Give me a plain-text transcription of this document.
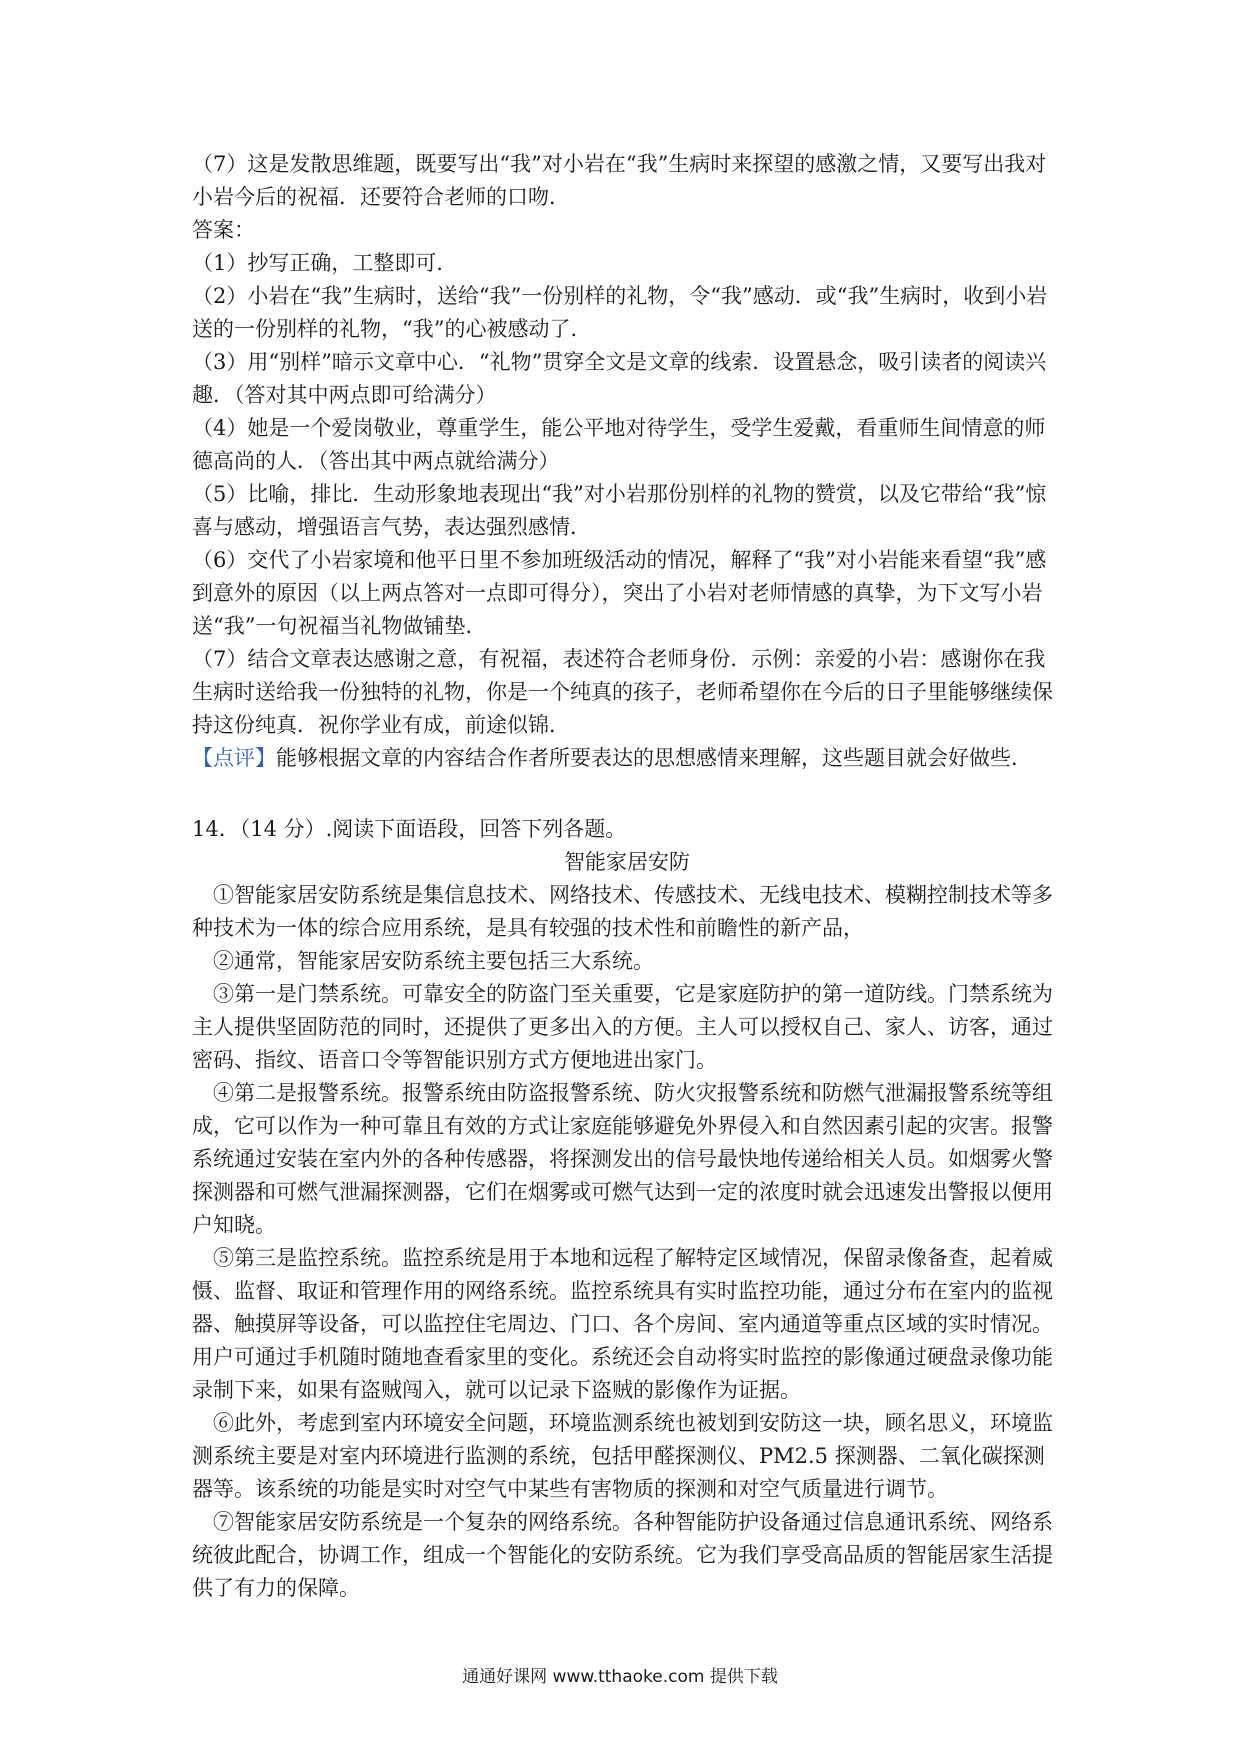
（7）这是发散思维题，既要写出“我”对小岩在“我”生病时来探望的感激之情，又要写出我对小岩今后的祝福．还要符合老师的口吻．

答案：

（1）抄写正确，工整即可．

（2）小岩在“我”生病时，送给“我”一份别样的礼物，令“我”感动．或“我”生病时，收到小岩送的一份别样的礼物，“我”的心被感动了．

（3）用“别样”暗示文章中心．“礼物”贯穿全文是文章的线索．设置悬念，吸引读者的阅读兴趣．（答对其中两点即可给满分）

（4）她是一个爱岗敬业，尊重学生，能公平地对待学生，受学生爱戴，看重师生间情意的师德高尚的人．（答出其中两点就给满分）

（5）比喻，排比．生动形象地表现出“我”对小岩那份别样的礼物的赞赏，以及它带给“我”惊喜与感动，增强语言气势，表达强烈感情．

（6）交代了小岩家境和他平日里不参加班级活动的情况，解释了“我”对小岩能来看望“我”感到意外的原因（以上两点答对一点即可得分），突出了小岩对老师情感的真挚，为下文写小岩送“我”一句祝福当礼物做铺垫．

（7）结合文章表达感谢之意，有祝福，表述符合老师身份．示例：亲爱的小岩：感谢你在我生病时送给我一份独特的礼物，你是一个纯真的孩子，老师希望你在今后的日子里能够继续保持这份纯真．祝你学业有成，前途似锦．

【点评】能够根据文章的内容结合作者所要表达的思想感情来理解，这些题目就会好做些．

14．（14 分）.阅读下面语段，回答下列各题。

智能家居安防

①智能家居安防系统是集信息技术、网络技术、传感技术、无线电技术、模糊控制技术等多种技术为一体的综合应用系统，是具有较强的技术性和前瞻性的新产品，

②通常，智能家居安防系统主要包括三大系统。

③第一是门禁系统。可靠安全的防盗门至关重要，它是家庭防护的第一道防线。门禁系统为主人提供坚固防范的同时，还提供了更多出入的方便。主人可以授权自己、家人、访客，通过密码、指纹、语音口令等智能识别方式方便地进出家门。

④第二是报警系统。报警系统由防盗报警系统、防火灾报警系统和防燃气泄漏报警系统等组成，它可以作为一种可靠且有效的方式让家庭能够避免外界侵入和自然因素引起的灾害。报警系统通过安装在室内外的各种传感器，将探测发出的信号最快地传递给相关人员。如烟雾火警探测器和可燃气泄漏探测器，它们在烟雾或可燃气达到一定的浓度时就会迅速发出警报以便用户知晓。

⑤第三是监控系统。监控系统是用于本地和远程了解特定区域情况，保留录像备查，起着威慑、监督、取证和管理作用的网络系统。监控系统具有实时监控功能，通过分布在室内的监视器、触摸屏等设备，可以监控住宅周边、门口、各个房间、室内通道等重点区域的实时情况。用户可通过手机随时随地查看家里的变化。系统还会自动将实时监控的影像通过硬盘录像功能录制下来，如果有盗贼闯入，就可以记录下盗贼的影像作为证据。

⑥此外，考虑到室内环境安全问题，环境监测系统也被划到安防这一块，顾名思义，环境监测系统主要是对室内环境进行监测的系统，包括甲醛探测仪、PM2.5 探测器、二氧化碳探测器等。该系统的功能是实时对空气中某些有害物质的探测和对空气质量进行调节。

⑦智能家居安防系统是一个复杂的网络系统。各种智能防护设备通过信息通讯系统、网络系统彼此配合，协调工作，组成一个智能化的安防系统。它为我们享受高品质的智能居家生活提供了有力的保障。

通通好课网 www.tthaoke.com 提供下载
